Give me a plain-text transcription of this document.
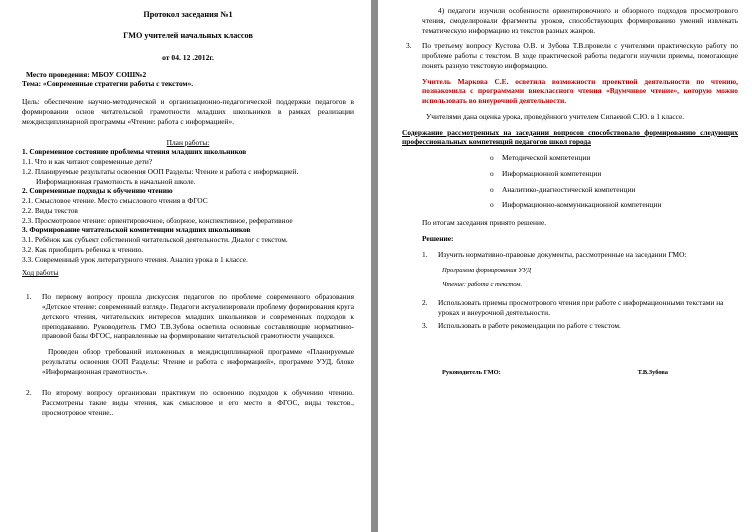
Протокол заседания №1
ГМО учителей начальных классов
от 04. 12 .2012г.
Место проведения: МБОУ СОШ№2
Тема: «Современные стратегии работы с текстом».
Цель: обеспечение научно-методической и организационно-педагогической поддержки педагогов в формировании основ читательской грамотности младших школьников в рамках реализации междисциплинарной программы «Чтение: работа с информацией».
План работы:
1. Современное состояние проблемы чтения младших школьников
1.1. Что и как читают современные дети?
1.2. Планируемые результаты освоения ООП Разделы: Чтение и работа с информацией.
Информационная грамотность в начальной школе.
2. Современные подходы к обучению чтению
2.1. Смысловое чтение. Место смыслового чтения в ФГОС
2.2. Виды текстов
2.3. Просмотровое чтение: ориентировочное, обзорное, конспективное, реферативное
3. Формирование читательской компетенции младших школьников
3.1. Ребёнок как субъект собственной читательской деятельности. Диалог с текстом.
3.2. Как приобщить ребенка к чтению.
3.3. Современный урок литературного чтения. Анализ урока в 1 классе.
Ход работы
1. По первому вопросу прошла дискуссия педагогов по проблеме современного образования «Детское чтение: современный взгляд». Педагоги актуализировали проблему формирования круга детского чтения, читательских интересов младших школьников и современных подходов к преподаванию. Руководитель ГМО Т.В.Зубова осветила основные составляющие нормативно-правовой базы ФГОС, направленные на формирование читательской грамотности учащихся.
Проведен обзор требований изложенных в междисциплинарной программе «Планируемые результаты освоения ООП Разделы: Чтение и работа с информацией», программе УУД, блоке «Информационная грамотность».
2. По второму вопросу организован практикум по освоению подходов к обучению чтению. Рассмотрены такие виды чтения, как смысловое и его место в ФГОС, виды текстов., просмотровое чтение..
4) педагоги изучили особенности ориентировочного и обзорного подходов просмотрового чтения, смоделировали фрагменты уроков, способствующих формированию умений извлекать тематическую информацию из текстов разных жанров.
3. По третьему вопросу Кустова О.В. и Зубова Т.В.провели с учителями практическую работу по проблеме работы с текстом. В ходе практической работы педагоги изучили приемы, помогающие понять разную текстовую информацию.
Учитель Маркова С.Е. осветила возможности проектной деятельности по чтению, познакомила с программами внеклассного чтения «Вдумчивое чтение», которую можно использовать во внеурочной деятельности.
Учителями дана оценка урока, проведённого учителем Сипаевой С.Ю. в 1 классе.
Содержание рассмотренных на заседании вопросов способствовало формированию следующих профессиональных компетенций педагогов школ города
o Методической компетенции
o Информационной компетенции
o Аналитико-диагностической компетенции
o Информационно-коммуникационной компетенции
По итогам заседания принято решение.
Решение:
1. Изучить нормативно-правовые документы, рассмотренные на заседании ГМО:
Программа формирования УУД
Чтение: работа с текстом.
2. Использовать приемы просмотрового чтения при работе с информационными текстами на уроках и внеурочной деятельности.
3. Использовать в работе рекомендации по работе с текстом.
Руководитель ГМО:	Т.В.Зубова
